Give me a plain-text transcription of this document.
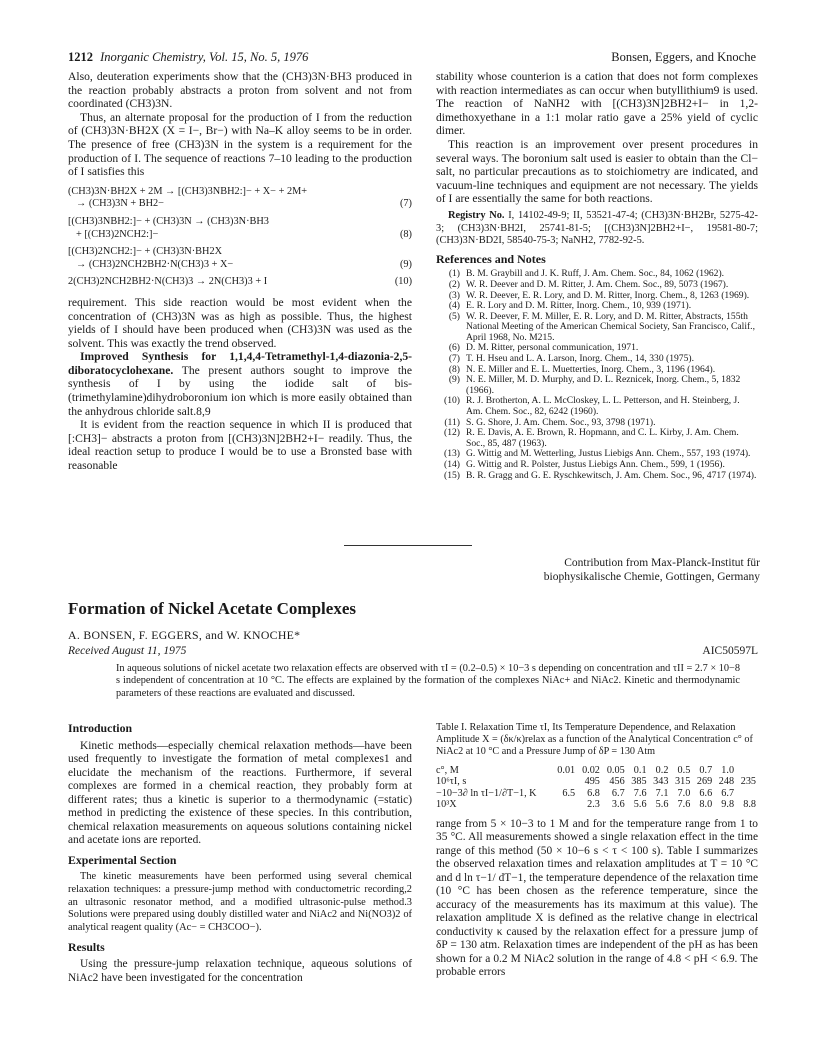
1212 Inorganic Chemistry, Vol. 15, No. 5, 1976	Bonsen, Eggers, and Knoche

Also, deuteration experiments show that the (CH3)3N·BH3 produced in the reaction probably abstracts a proton from solvent and not from coordinated (CH3)3N.

Thus, an alternate proposal for the production of I from the reduction of (CH3)3N·BH2X (X = I−, Br−) with Na–K alloy seems to be in order. The presence of free (CH3)3N in the system is a requirement for the production of I. The sequence of reactions 7–10 leading to the production of I satisfies this

(CH3)3N·BH2X + 2M → [(CH3)3NBH2:]− + X− + 2M+
→ (CH3)3N + BH2−	(7)
[(CH3)3NBH2:]− + (CH3)3N → (CH3)3N·BH3
+ [(CH3)2NCH2:]−	(8)
[(CH3)2NCH2:]− + (CH3)3N·BH2X
→ (CH3)2NCH2BH2·N(CH3)3 + X−	(9)
2(CH3)2NCH2BH2·N(CH3)3 → 2N(CH3)3 + I	(10)

requirement. This side reaction would be most evident when the concentration of (CH3)3N was as high as possible. Thus, the highest yields of I should have been produced when (CH3)3N was used as the solvent. This was exactly the trend observed.

Improved Synthesis for 1,1,4,4-Tetramethyl-1,4-diazonia-2,5-diboratocyclohexane. The present authors sought to improve the synthesis of I by using the iodide salt of bis-(trimethylamine)dihydroboronium ion which is more easily obtained than the anhydrous chloride salt.8,9

It is evident from the reaction sequence in which II is produced that [:CH3]− abstracts a proton from [(CH3)3N]2BH2+I− readily. Thus, the ideal reaction setup to produce I would be to use a Bronsted base with reasonable

stability whose counterion is a cation that does not form complexes with reaction intermediates as can occur when butyllithium9 is used. The reaction of NaNH2 with [(CH3)3N]2BH2+I− in 1,2-dimethoxyethane in a 1:1 molar ratio gave a 25% yield of cyclic dimer.

This reaction is an improvement over present procedures in several ways. The boronium salt used is easier to obtain than the Cl− salt, no particular precautions as to stoichiometry are indicated, and vacuum-line techniques and equipment are not necessary. The yields of I are essentially the same for both reactions.

Registry No. I, 14102-49-9; II, 53521-47-4; (CH3)3N·BH2Br, 5275-42-3; (CH3)3N·BH2I, 25741-81-5; [(CH3)3N]2BH2+I−, 19581-80-7; (CH3)3N·BD2I, 58540-75-3; NaNH2, 7782-92-5.

References and Notes
(1) B. M. Graybill and J. K. Ruff, J. Am. Chem. Soc., 84, 1062 (1962).
(2) W. R. Deever and D. M. Ritter, J. Am. Chem. Soc., 89, 5073 (1967).
(3) W. R. Deever, E. R. Lory, and D. M. Ritter, Inorg. Chem., 8, 1263 (1969).
(4) E. R. Lory and D. M. Ritter, Inorg. Chem., 10, 939 (1971).
(5) W. R. Deever, F. M. Miller, E. R. Lory, and D. M. Ritter, Abstracts, 155th National Meeting of the American Chemical Society, San Francisco, Calif., April 1968, No. M215.
(6) D. M. Ritter, personal communication, 1971.
(7) T. H. Hseu and L. A. Larson, Inorg. Chem., 14, 330 (1975).
(8) N. E. Miller and E. L. Muetterties, Inorg. Chem., 3, 1196 (1964).
(9) N. E. Miller, M. D. Murphy, and D. L. Reznicek, Inorg. Chem., 5, 1832 (1966).
(10) R. J. Brotherton, A. L. McCloskey, L. L. Petterson, and H. Steinberg, J. Am. Chem. Soc., 82, 6242 (1960).
(11) S. G. Shore, J. Am. Chem. Soc., 93, 3798 (1971).
(12) R. E. Davis, A. E. Brown, R. Hopmann, and C. L. Kirby, J. Am. Chem. Soc., 85, 487 (1963).
(13) G. Wittig and M. Wetterling, Justus Liebigs Ann. Chem., 557, 193 (1974).
(14) G. Wittig and R. Polster, Justus Liebigs Ann. Chem., 599, 1 (1956).
(15) B. R. Gragg and G. E. Ryschkewitsch, J. Am. Chem. Soc., 96, 4717 (1974).
Contribution from Max-Planck-Institut für
biophysikalische Chemie, Gottingen, Germany
Formation of Nickel Acetate Complexes
A. BONSEN, F. EGGERS, and W. KNOCHE*
Received August 11, 1975	AIC50597L
In aqueous solutions of nickel acetate two relaxation effects are observed with τI = (0.2–0.5) × 10−3 s depending on concentration and τII = 2.7 × 10−8 s independent of concentration at 10 °C. The effects are explained by the formation of the complexes NiAc+ and NiAc2. Kinetic and thermodynamic parameters of these reactions are evaluated and discussed.
Introduction

Kinetic methods—especially chemical relaxation methods—have been used frequently to investigate the formation of metal complexes1 and elucidate the mechanism of the reactions. Furthermore, if several complexes are formed in a chemical reaction, they probably form at different rates; thus a kinetic is superior to a thermodynamic (=static) method in predicting the existence of these species. In this contribution, chemical relaxation measurements on aqueous solutions containing nickel and acetate ions are reported.

Experimental Section

The kinetic measurements have been performed using several chemical relaxation techniques: a pressure-jump method with conductometric recording,2 an ultrasonic resonator method, and a modified ultrasonic-pulse method.3 Solutions were prepared using doubly distilled water and NiAc2 and Ni(NO3)2 of analytical reagent quality (Ac− = CH3COO−).

Results

Using the pressure-jump relaxation technique, aqueous solutions of NiAc2 have been investigated for the concentration

Table I. Relaxation Time τI, Its Temperature Dependence, and Relaxation Amplitude X = (δκ/κ)relax as a function of the Analytical Concentration c° of NiAc2 at 10 °C and a Pressure Jump of δP = 130 Atm
c°, M	0.01	0.02	0.05	0.1	0.2	0.5	0.7	1.0	
10⁶τI, s		495	456	385	343	315	269	248	235
−10−3∂ ln τI−1/∂T−1, K	6.5	6.8	6.7	7.6	7.1	7.0	6.6	6.7	
10³X		2.3	3.6	5.6	5.6	7.6	8.0	9.8	8.8

range from 5 × 10−3 to 1 M and for the temperature range from 1 to 35 °C. All measurements showed a single relaxation effect in the time range of this method (50 × 10−6 s < τ < 100 s). Table I summarizes the observed relaxation times and relaxation amplitudes at T = 10 °C and d ln τ−1/ dT−1, the temperature dependence of the relaxation time (10 °C has been chosen as the reference temperature, since the accuracy of the measurements has its maximum at this value). The relaxation amplitude X is defined as the relative change in electrical conductivity κ caused by the relaxation effect for a pressure jump of δP = 130 atm. Relaxation times are independent of the pH as has been shown for a 0.2 M NiAc2 solution in the range of 4.8 < pH < 6.9. The probable errors
